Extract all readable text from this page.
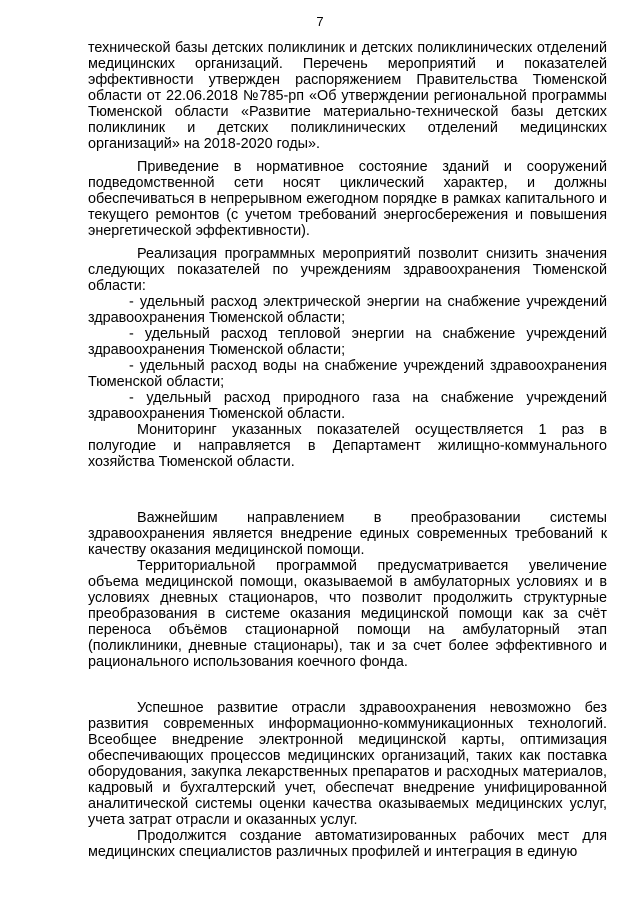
7

технической базы детских поликлиник и детских поликлинических отделений медицинских организаций. Перечень мероприятий и показателей эффективности утвержден распоряжением Правительства Тюменской области от 22.06.2018 №785-рп «Об утверждении региональной программы Тюменской области «Развитие материально-технической базы детских поликлиник и детских поликлинических отделений медицинских организаций» на 2018-2020 годы».

Приведение в нормативное состояние зданий и сооружений подведомственной сети носят циклический характер, и должны обеспечиваться в непрерывном ежегодном порядке в рамках капитального и текущего ремонтов (с учетом требований энергосбережения и повышения энергетической эффективности).

Реализация программных мероприятий позволит снизить значения следующих показателей по учреждениям здравоохранения Тюменской области:

- удельный расход электрической энергии на снабжение учреждений здравоохранения Тюменской области;

- удельный расход тепловой энергии на снабжение учреждений здравоохранения Тюменской области;

- удельный расход воды на снабжение учреждений здравоохранения Тюменской области;

- удельный расход природного газа на снабжение учреждений здравоохранения Тюменской области.

Мониторинг указанных показателей осуществляется 1 раз в полугодие и направляется в Департамент жилищно-коммунального хозяйства Тюменской области.

Важнейшим направлением в преобразовании системы здравоохранения является внедрение единых современных требований к качеству оказания медицинской помощи.

Территориальной программой предусматривается увеличение объема медицинской помощи, оказываемой в амбулаторных условиях и в условиях дневных стационаров, что позволит продолжить структурные преобразования в системе оказания медицинской помощи как за счёт переноса объёмов стационарной помощи на амбулаторный этап (поликлиники, дневные стационары), так и за счет более эффективного и рационального использования коечного фонда.

Успешное развитие отрасли здравоохранения невозможно без развития современных информационно-коммуникационных технологий. Всеобщее внедрение электронной медицинской карты, оптимизация обеспечивающих процессов медицинских организаций, таких как поставка оборудования, закупка лекарственных препаратов и расходных материалов, кадровый и бухгалтерский учет, обеспечат внедрение унифицированной аналитической системы оценки качества оказываемых медицинских услуг, учета затрат отрасли и оказанных услуг.

Продолжится создание автоматизированных рабочих мест для медицинских специалистов различных профилей и интеграция в единую
